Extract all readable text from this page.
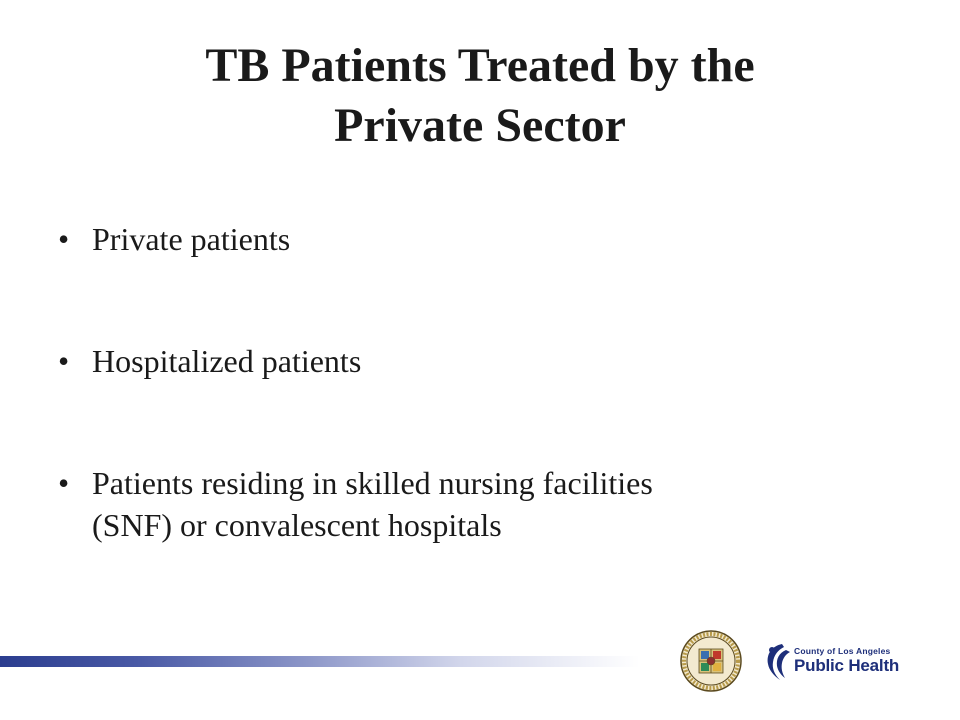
TB Patients Treated by the
Private Sector
• Private patients
• Hospitalized patients
• Patients residing in skilled nursing facilities
(SNF) or convalescent hospitals
County of Los Angeles
Public Health
